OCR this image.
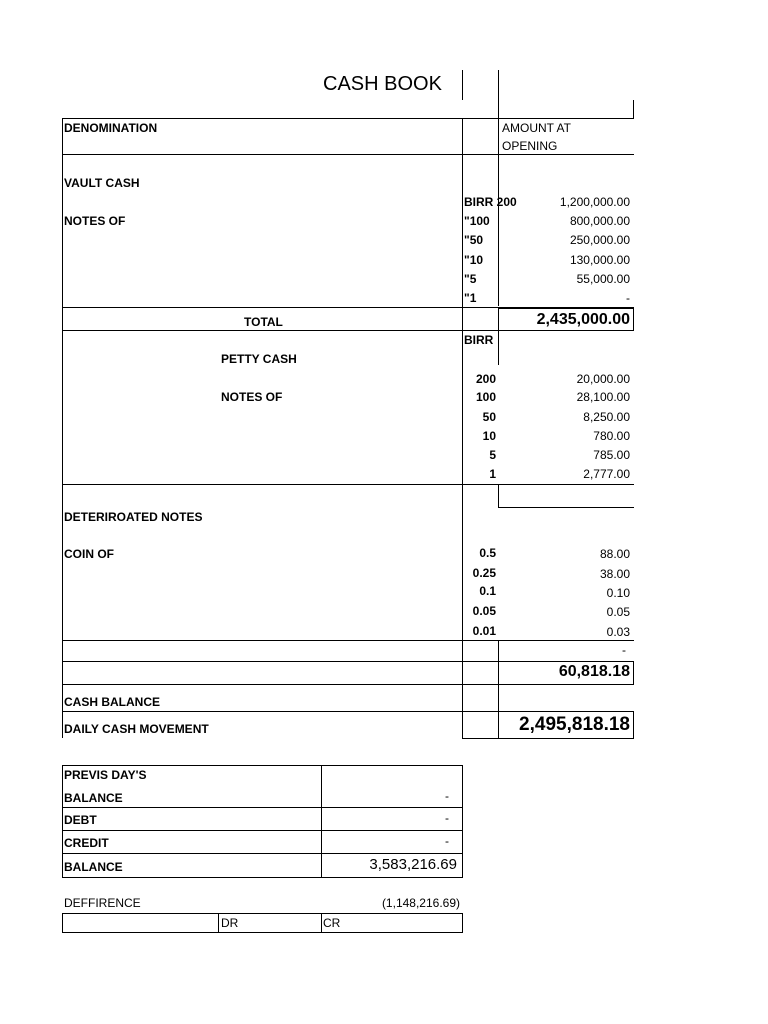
CASH BOOK
DENOMINATION	AMOUNT AT
OPENING
VAULT CASH
NOTES OF
BIRR 200	1,200,000.00
"100	800,000.00
"50	250,000.00
"10	130,000.00
"5	55,000.00
"1	-
TOTAL	2,435,000.00
BIRR
PETTY CASH
NOTES OF
200	20,000.00
100	28,100.00
50	8,250.00
10	780.00
5	785.00
1	2,777.00
DETERIROATED NOTES
COIN OF	0.5	88.00
0.25	38.00
0.1	0.10
0.05	0.05
0.01	0.03
-
60,818.18
CASH BALANCE
DAILY CASH MOVEMENT	2,495,818.18
PREVIS DAY'S
BALANCE	-
DEBT	-
CREDIT	-
BALANCE	3,583,216.69
DEFFIRENCE	(1,148,216.69)
DR	CR
